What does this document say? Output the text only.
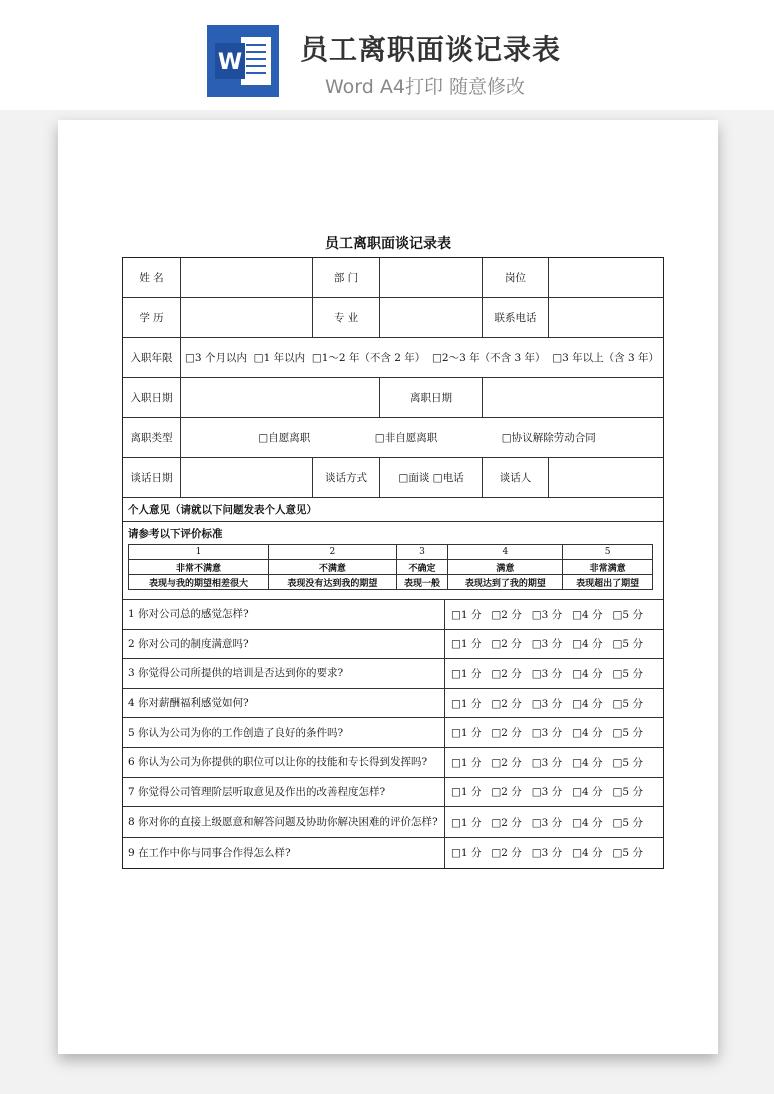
W 员工离职面谈记录表
Word A4打印 随意修改
员工离职面谈记录表
姓 名	部 门	岗位
学 历	专 业	联系电话
入职年限	□3 个月以内 □1 年以内 □1～2 年（不含 2 年） □2～3 年（不含 3 年） □3 年以上（含 3 年）
入职日期	离职日期
离职类型	□自愿离职	□非自愿离职	□协议解除劳动合同
谈话日期	谈话方式	□面谈 □电话	谈话人
个人意见（请就以下问题发表个人意见）
请参考以下评价标准
1	2	3	4	5
非常不满意	不满意	不确定	满意	非常满意
表现与我的期望相差很大	表现没有达到我的期望	表现一般	表现达到了我的期望	表现超出了期望
1 你对公司总的感觉怎样?	□1 分 □2 分 □3 分 □4 分 □5 分
2 你对公司的制度满意吗?	□1 分 □2 分 □3 分 □4 分 □5 分
3 你觉得公司所提供的培训是否达到你的要求?	□1 分 □2 分 □3 分 □4 分 □5 分
4 你对薪酬福利感觉如何?	□1 分 □2 分 □3 分 □4 分 □5 分
5 你认为公司为你的工作创造了良好的条件吗?	□1 分 □2 分 □3 分 □4 分 □5 分
6 你认为公司为你提供的职位可以让你的技能和专长得到发挥吗?	□1 分 □2 分 □3 分 □4 分 □5 分
7 你觉得公司管理阶层听取意见及作出的改善程度怎样?	□1 分 □2 分 □3 分 □4 分 □5 分
8 你对你的直接上级愿意和解答问题及协助你解决困难的评价怎样?	□1 分 □2 分 □3 分 □4 分 □5 分
9 在工作中你与同事合作得怎么样?	□1 分 □2 分 □3 分 □4 分 □5 分
